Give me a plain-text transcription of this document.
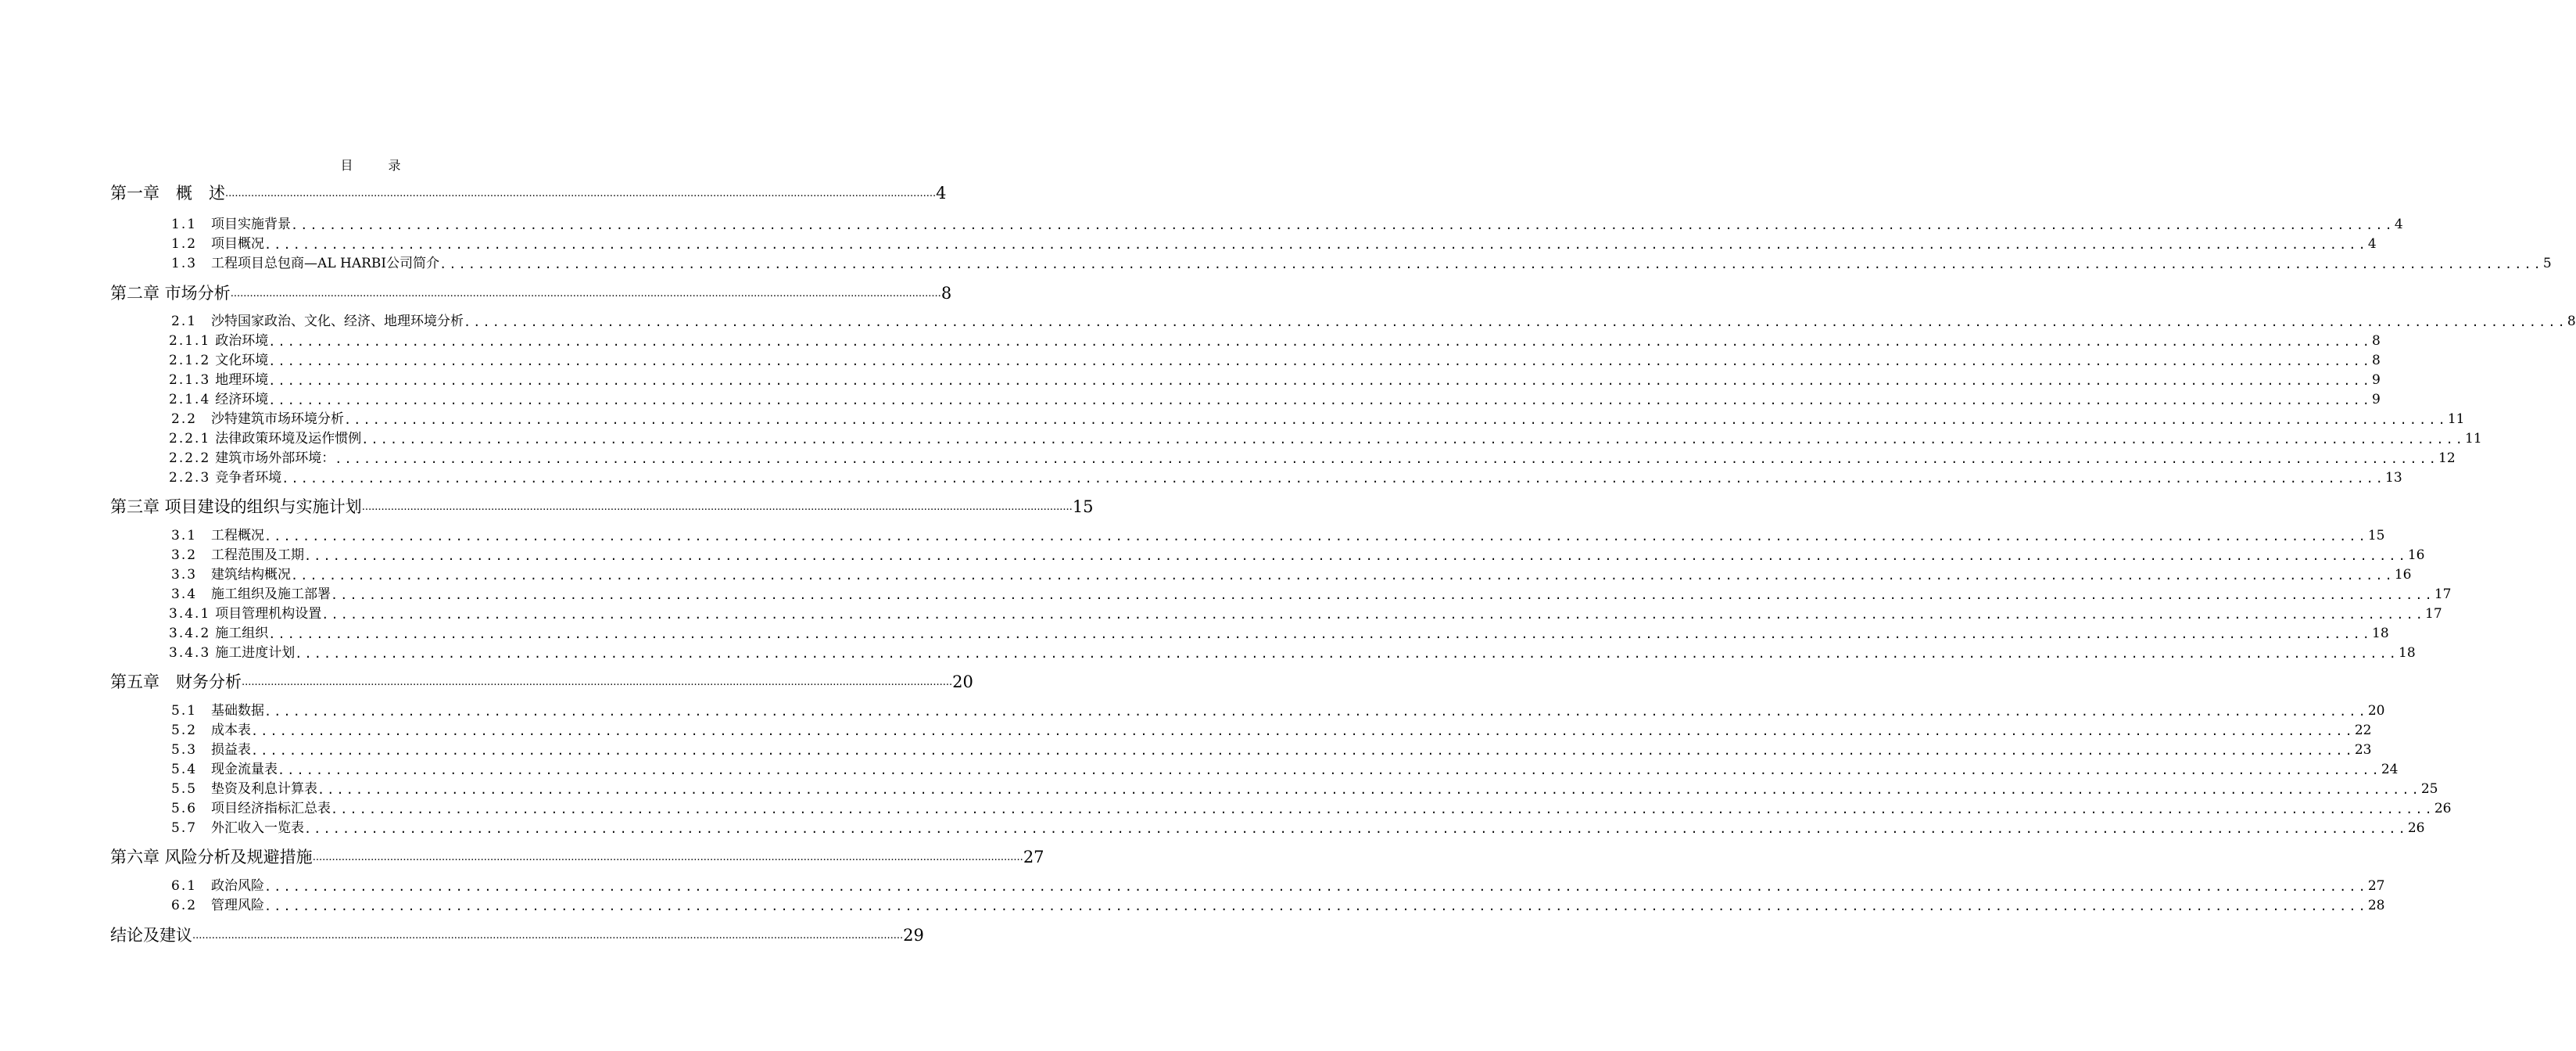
目 录
第一章　概　述 ............................................................................................................................................................................................................................ 4
1.1 项目实施背景 ............................................................................................................................................................................................................................ 4
1.2 项目概况 ............................................................................................................................................................................................................................ 4
1.3 工程项目总包商—AL HARBI公司简介 ............................................................................................................................................................................................................................ 5
第二章 市场分析 ............................................................................................................................................................................................................................ 8
2.1 沙特国家政治、文化、经济、地理环境分析 ............................................................................................................................................................................................................................ 8
2.1.1 政治环境 ............................................................................................................................................................................................................................ 8
2.1.2 文化环境 ............................................................................................................................................................................................................................ 8
2.1.3 地理环境 ............................................................................................................................................................................................................................ 9
2.1.4 经济环境 ............................................................................................................................................................................................................................ 9
2.2 沙特建筑市场环境分析 ............................................................................................................................................................................................................................ 11
2.2.1 法律政策环境及运作惯例 ............................................................................................................................................................................................................................ 11
2.2.2 建筑市场外部环境： ............................................................................................................................................................................................................................ 12
2.2.3 竞争者环境 ............................................................................................................................................................................................................................ 13
第三章 项目建设的组织与实施计划 ............................................................................................................................................................................................................................ 15
3.1 工程概况 ............................................................................................................................................................................................................................ 15
3.2 工程范围及工期 ............................................................................................................................................................................................................................ 16
3.3 建筑结构概况 ............................................................................................................................................................................................................................ 16
3.4 施工组织及施工部署 ............................................................................................................................................................................................................................ 17
3.4.1 项目管理机构设置 ............................................................................................................................................................................................................................ 17
3.4.2 施工组织 ............................................................................................................................................................................................................................ 18
3.4.3 施工进度计划 ............................................................................................................................................................................................................................ 18
第五章　财务分析 ............................................................................................................................................................................................................................ 20
5.1 基础数据 ............................................................................................................................................................................................................................ 20
5.2 成本表 ............................................................................................................................................................................................................................ 22
5.3 损益表 ............................................................................................................................................................................................................................ 23
5.4 现金流量表 ............................................................................................................................................................................................................................ 24
5.5 垫资及利息计算表 ............................................................................................................................................................................................................................ 25
5.6 项目经济指标汇总表 ............................................................................................................................................................................................................................ 26
5.7 外汇收入一览表 ............................................................................................................................................................................................................................ 26
第六章 风险分析及规避措施 ............................................................................................................................................................................................................................ 27
6.1 政治风险 ............................................................................................................................................................................................................................ 27
6.2 管理风险 ............................................................................................................................................................................................................................ 28
结论及建议 ............................................................................................................................................................................................................................ 29
